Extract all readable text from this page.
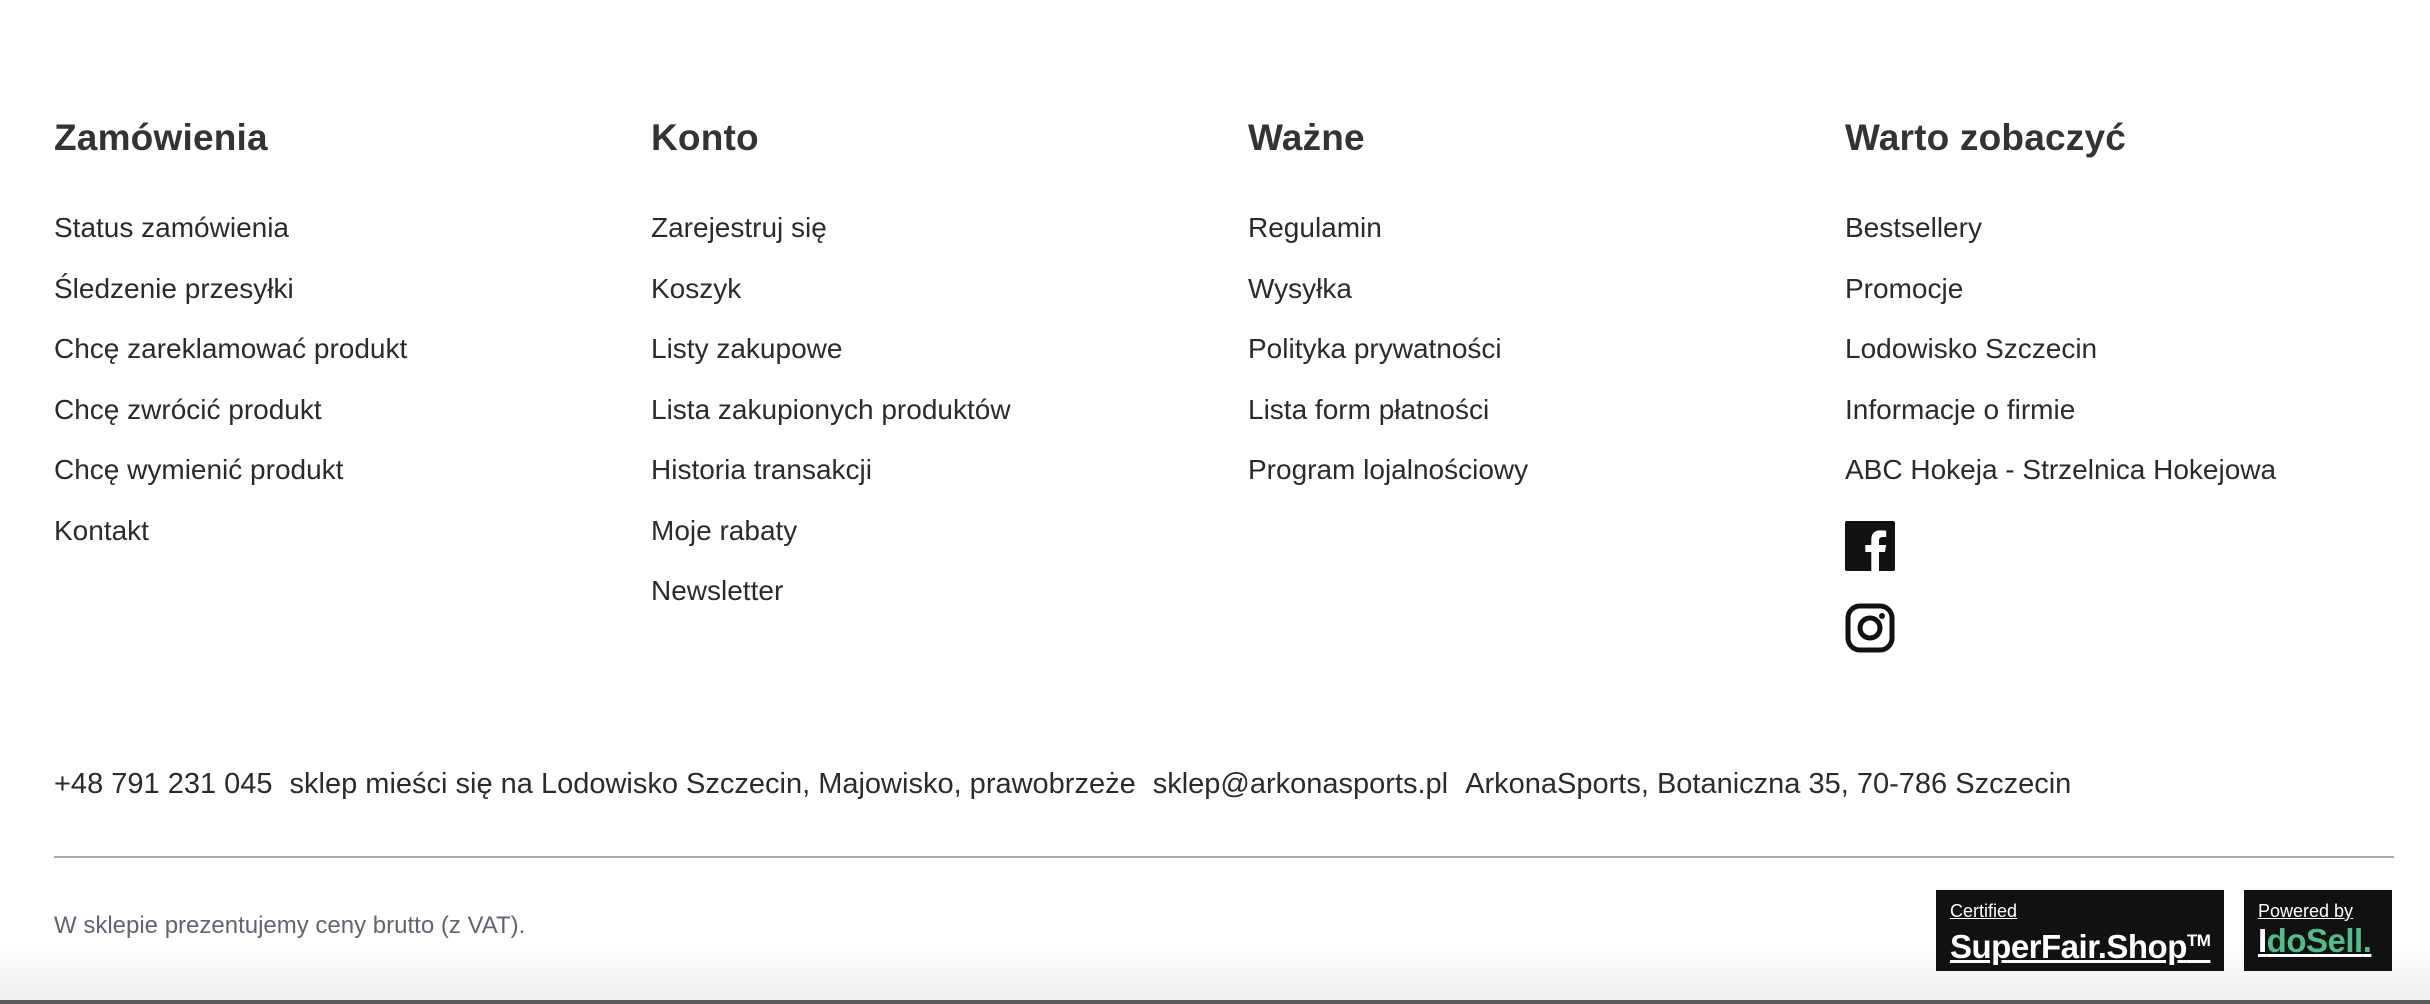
Zamówienia
Status zamówienia
Śledzenie przesyłki
Chcę zareklamować produkt
Chcę zwrócić produkt
Chcę wymienić produkt
Kontakt
Konto
Zarejestruj się
Koszyk
Listy zakupowe
Lista zakupionych produktów
Historia transakcji
Moje rabaty
Newsletter
Ważne
Regulamin
Wysyłka
Polityka prywatności
Lista form płatności
Program lojalnościowy
Warto zobaczyć
Bestsellery
Promocje
Lodowisko Szczecin
Informacje o firmie
ABC Hokeja - Strzelnica Hokejowa
+48 791 231 045 sklep mieści się na Lodowisko Szczecin, Majowisko, prawobrzeże sklep@arkonasports.pl ArkonaSports, Botaniczna 35, 70-786 Szczecin
W sklepie prezentujemy ceny brutto (z VAT).
Certified
SuperFair.Shop™
Powered by
IdoSell.
